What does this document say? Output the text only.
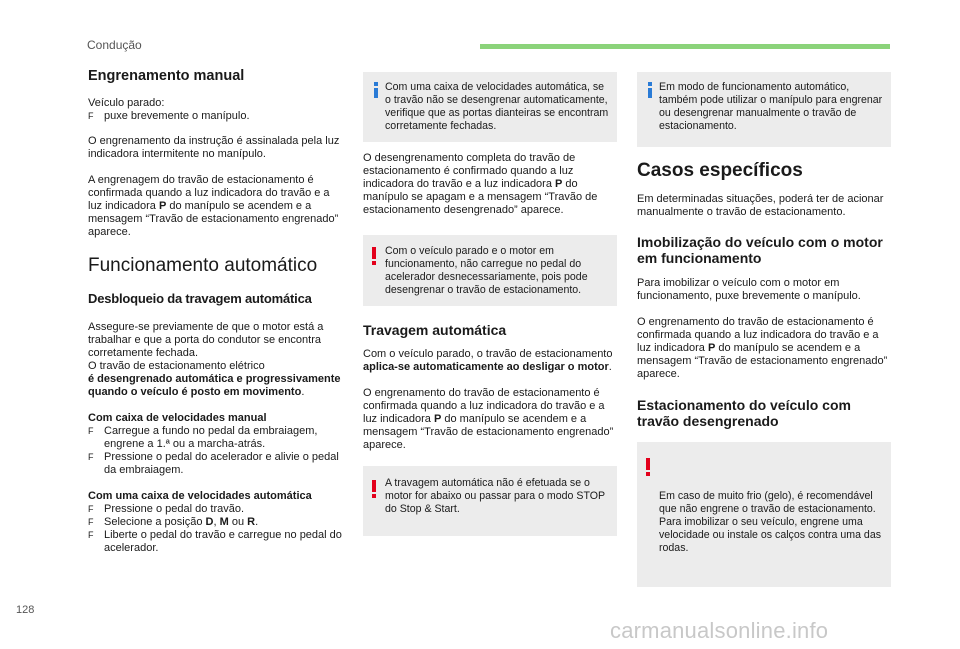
Condução
Engrenamento manual

Veículo parado:

F puxe brevemente o manípulo.

O engrenamento da instrução é assinalada pela luz indicadora intermitente no manípulo.

A engrenagem do travão de estacionamento é confirmada quando a luz indicadora do travão e a luz indicadora P do manípulo se acendem e a mensagem “Travão de estacionamento engrenado” aparece.

Funcionamento automático
Desbloqueio da travagem automática

Assegure-se previamente de que o motor está a trabalhar e que a porta do condutor se encontra corretamente fechada.

O travão de estacionamento elétrico
é desengrenado automática e progressivamente quando o veículo é posto em movimento.

Com caixa de velocidades manual

F Carregue a fundo no pedal da embraiagem, engrene a 1.ª ou a marcha-atrás.
F Pressione o pedal do acelerador e alivie o pedal da embraiagem.

Com uma caixa de velocidades automática

F Pressione o pedal do travão.
F Selecione a posição D, M ou R.
F Liberte o pedal do travão e carregue no pedal do acelerador.
Com uma caixa de velocidades automática, se o travão não se desengrenar automaticamente, verifique que as portas dianteiras se encontram corretamente fechadas.

O desengrenamento completa do travão de estacionamento é confirmado quando a luz indicadora do travão e a luz indicadora P do manípulo se apagam e a mensagem “Travão de estacionamento desengrenado” aparece.

Com o veículo parado e o motor em funcionamento, não carregue no pedal do acelerador desnecessariamente, pois pode desengrenar o travão de estacionamento.
Travagem automática

Com o veículo parado, o travão de estacionamento aplica-se automaticamente ao desligar o motor.

O engrenamento do travão de estacionamento é confirmada quando a luz indicadora do travão e a luz indicadora P do manípulo se acendem e a mensagem “Travão de estacionamento engrenado” aparece.

A travagem automática não é efetuada se o motor for abaixo ou passar para o modo STOP do Stop & Start.
Em modo de funcionamento automático, também pode utilizar o manípulo para engrenar ou desengrenar manualmente o travão de estacionamento.
Casos específicos

Em determinadas situações, poderá ter de acionar manualmente o travão de estacionamento.

Imobilização do veículo com o motor em funcionamento

Para imobilizar o veículo com o motor em funcionamento, puxe brevemente o manípulo.

O engrenamento do travão de estacionamento é confirmada quando a luz indicadora do travão e a luz indicadora P do manípulo se acendem e a mensagem “Travão de estacionamento engrenado” aparece.

Estacionamento do veículo com travão desengrenado

Em caso de muito frio (gelo), é recomendável que não engrene o travão de estacionamento.
Para imobilizar o seu veículo, engrene uma velocidade ou instale os calços contra uma das rodas.

128
carmanualsonline.info
